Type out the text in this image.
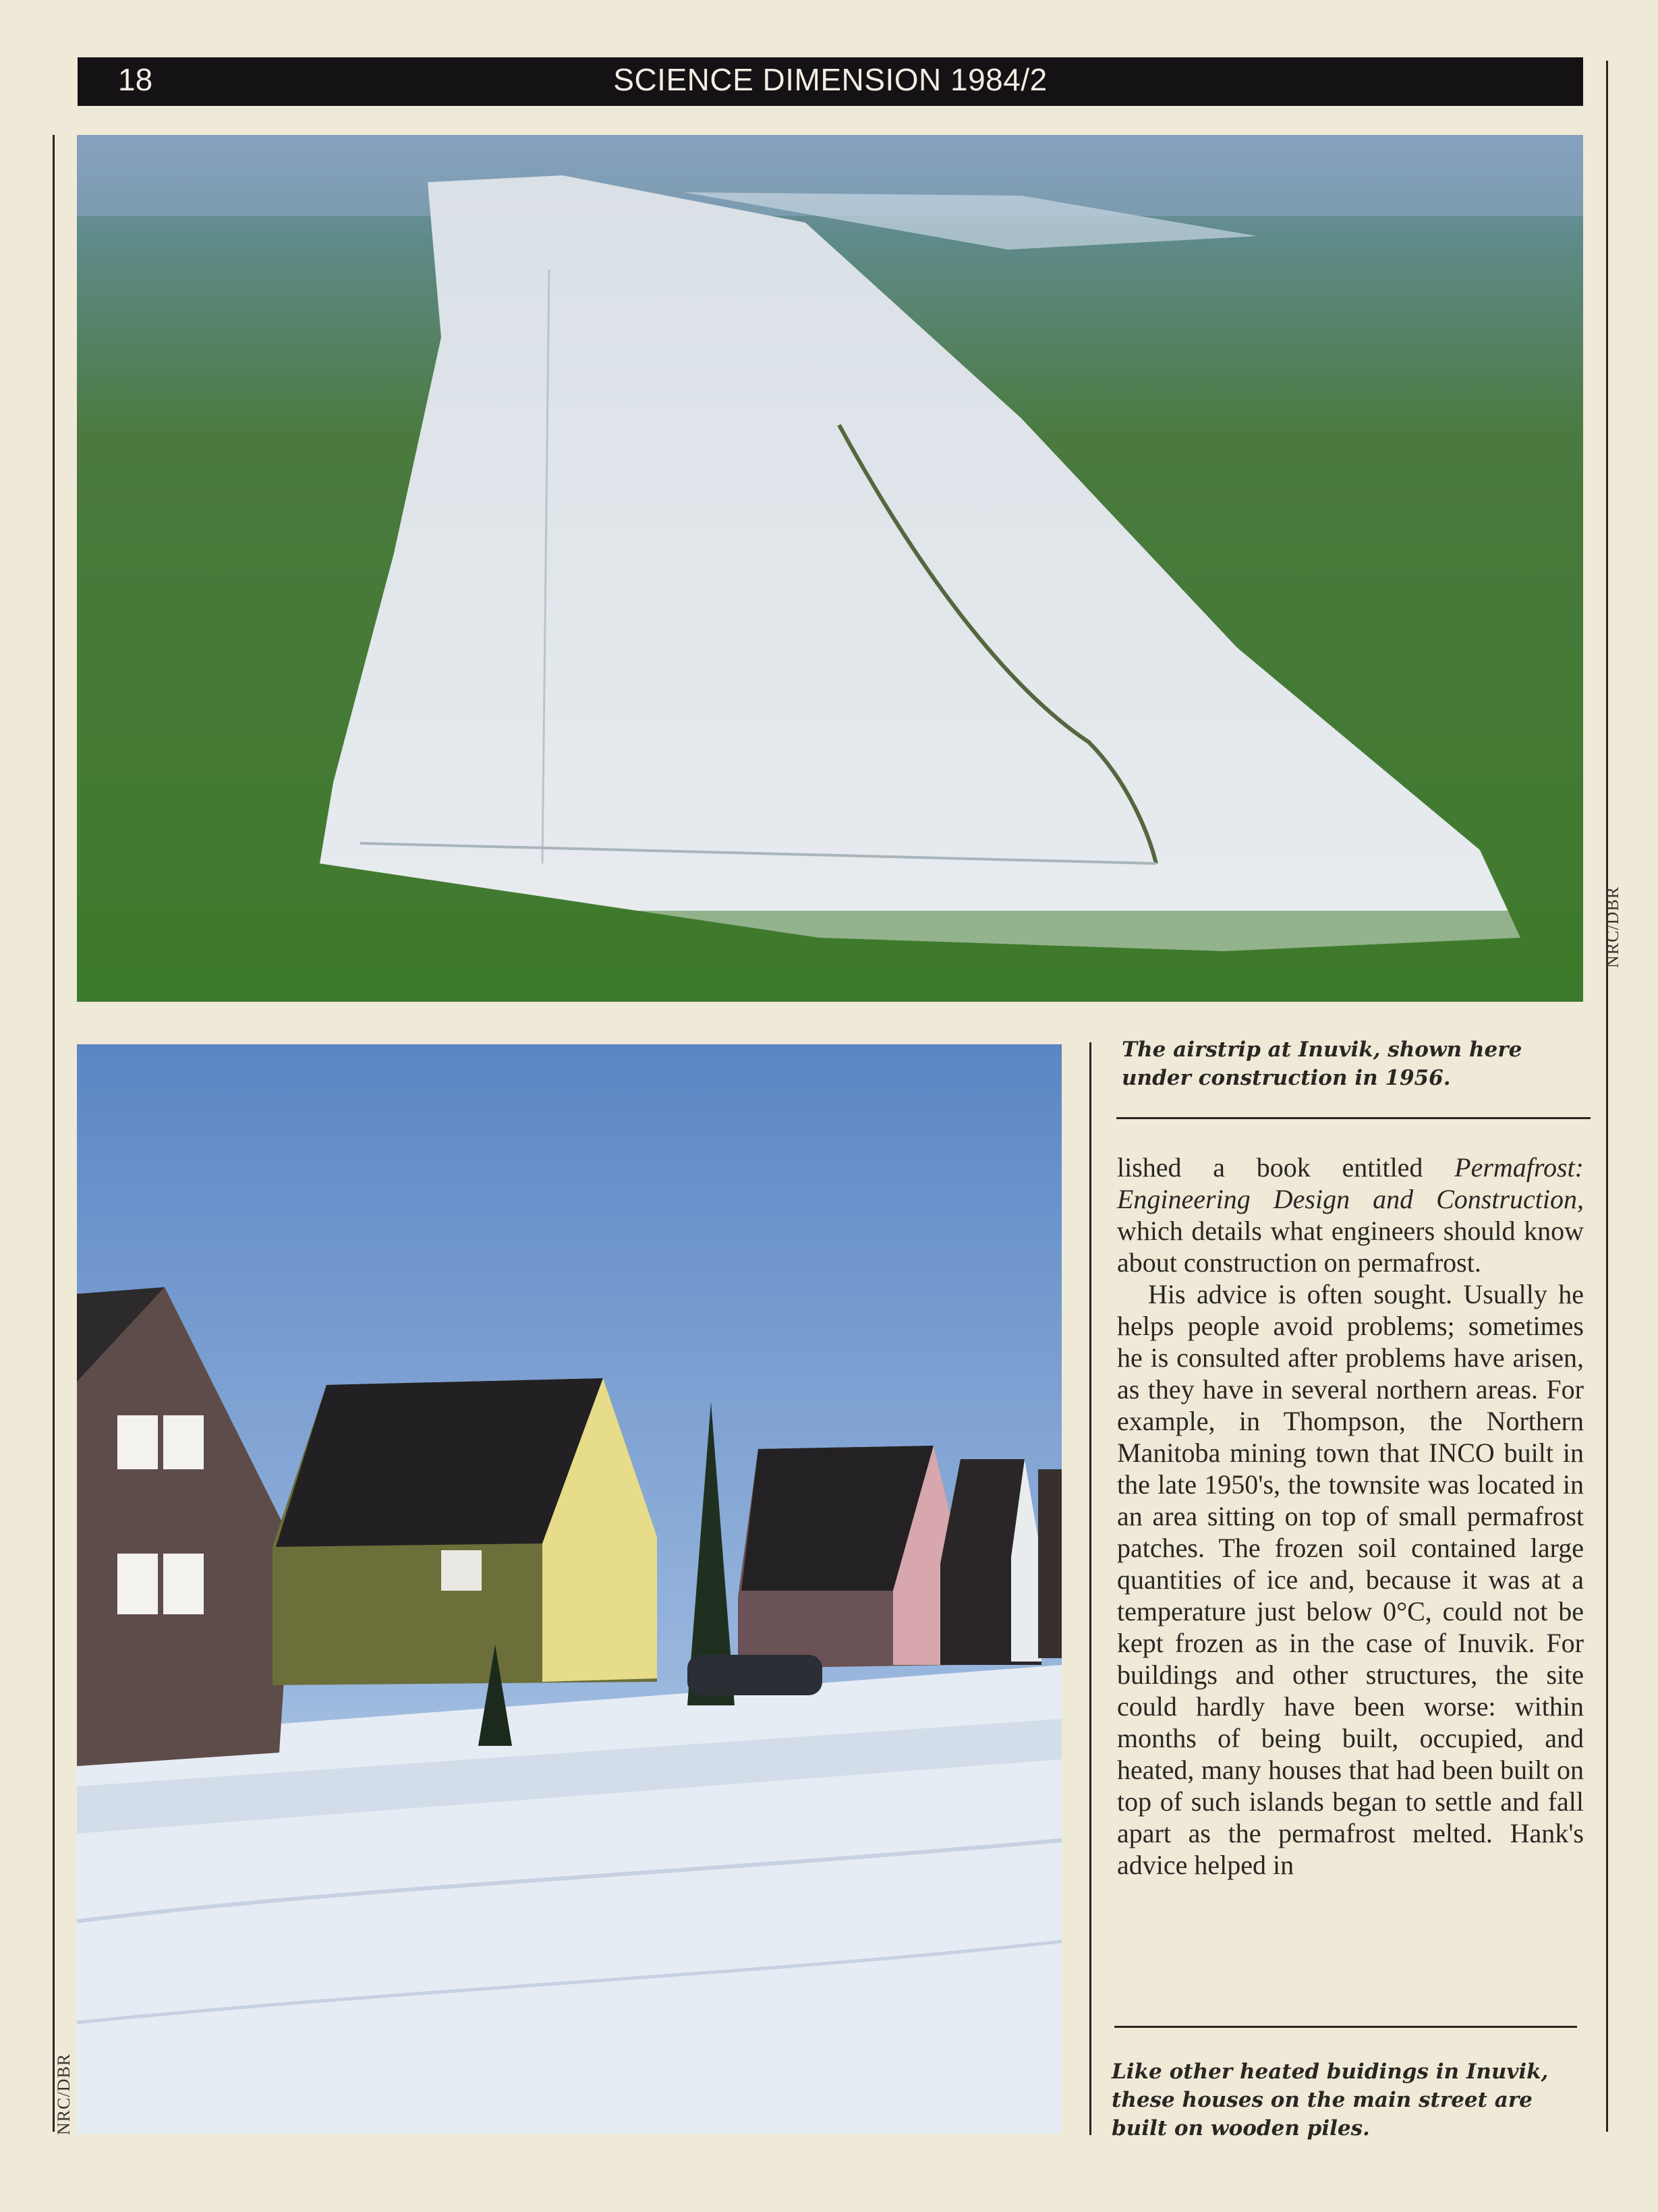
18	SCIENCE DIMENSION 1984/2
NRC/DBR
NRC/DBR
The airstrip at Inuvik, shown here under construction in 1956.
Like other heated buidings in Inuvik, these houses on the main street are built on wooden piles.

lished a book entitled Permafrost: Engineering Design and Construction, which details what engineers should know about construction on permafrost.

His advice is often sought. Usually he helps people avoid problems; sometimes he is consulted after problems have arisen, as they have in several northern areas. For example, in Thompson, the Northern Manitoba mining town that INCO built in the late 1950's, the townsite was located in an area sitting on top of small permafrost patches. The frozen soil contained large quantities of ice and, because it was at a temperature just below 0°C, could not be kept frozen as in the case of Inuvik. For buildings and other structures, the site could hardly have been worse: within months of being built, occupied, and heated, many houses that had been built on top of such islands began to settle and fall apart as the permafrost melted. Hank's advice helped in
